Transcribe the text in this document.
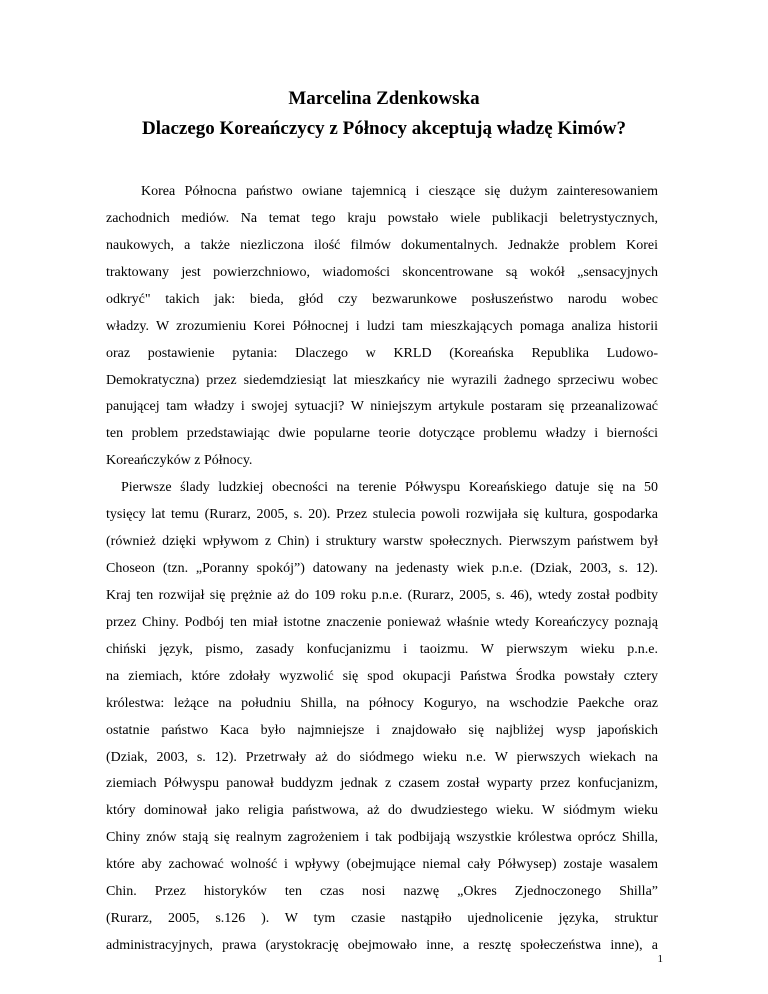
Marcelina Zdenkowska
Dlaczego Koreańczycy z Północy akceptują władzę Kimów?
Korea Północna państwo owiane tajemnicą i cieszące się dużym zainteresowaniem
zachodnich mediów. Na temat tego kraju powstało wiele publikacji beletrystycznych,
naukowych, a także niezliczona ilość filmów dokumentalnych. Jednakże problem Korei
traktowany jest powierzchniowo, wiadomości skoncentrowane są wokół „sensacyjnych
odkryć" takich jak: bieda, głód czy bezwarunkowe posłuszeństwo narodu wobec
władzy. W zrozumieniu Korei Północnej i ludzi tam mieszkających pomaga analiza historii
oraz postawienie pytania: Dlaczego w KRLD (Koreańska Republika Ludowo-
Demokratyczna) przez siedemdziesiąt lat mieszkańcy nie wyrazili żadnego sprzeciwu wobec
panującej tam władzy i swojej sytuacji? W niniejszym artykule postaram się przeanalizować
ten problem przedstawiając dwie popularne teorie dotyczące problemu władzy i bierności
Koreańczyków z Północy.
Pierwsze ślady ludzkiej obecności na terenie Półwyspu Koreańskiego datuje się na 50
tysięcy lat temu (Rurarz, 2005, s. 20). Przez stulecia powoli rozwijała się kultura, gospodarka
(również dzięki wpływom z Chin) i struktury warstw społecznych. Pierwszym państwem był
Choseon (tzn. „Poranny spokój”) datowany na jedenasty wiek p.n.e. (Dziak, 2003, s. 12).
Kraj ten rozwijał się prężnie aż do 109 roku p.n.e. (Rurarz, 2005, s. 46), wtedy został podbity
przez Chiny. Podbój ten miał istotne znaczenie ponieważ właśnie wtedy Koreańczycy poznają
chiński język, pismo, zasady konfucjanizmu i taoizmu. W pierwszym wieku p.n.e.
na ziemiach, które zdołały wyzwolić się spod okupacji Państwa Środka powstały cztery
królestwa: leżące na południu Shilla, na północy Koguryo, na wschodzie Paekche oraz
ostatnie państwo Kaca było najmniejsze i znajdowało się najbliżej wysp japońskich
(Dziak, 2003, s. 12). Przetrwały aż do siódmego wieku n.e. W pierwszych wiekach na
ziemiach Półwyspu panował buddyzm jednak z czasem został wyparty przez konfucjanizm,
który dominował jako religia państwowa, aż do dwudziestego wieku. W siódmym wieku
Chiny znów stają się realnym zagrożeniem i tak podbijają wszystkie królestwa oprócz Shilla,
które aby zachować wolność i wpływy (obejmujące niemal cały Półwysep) zostaje wasalem
Chin. Przez historyków ten czas nosi nazwę „Okres Zjednoczonego Shilla”
(Rurarz, 2005, s.126 ). W tym czasie nastąpiło ujednolicenie języka, struktur
administracyjnych, prawa (arystokrację obejmowało inne, a resztę społeczeństwa inne), a
1
